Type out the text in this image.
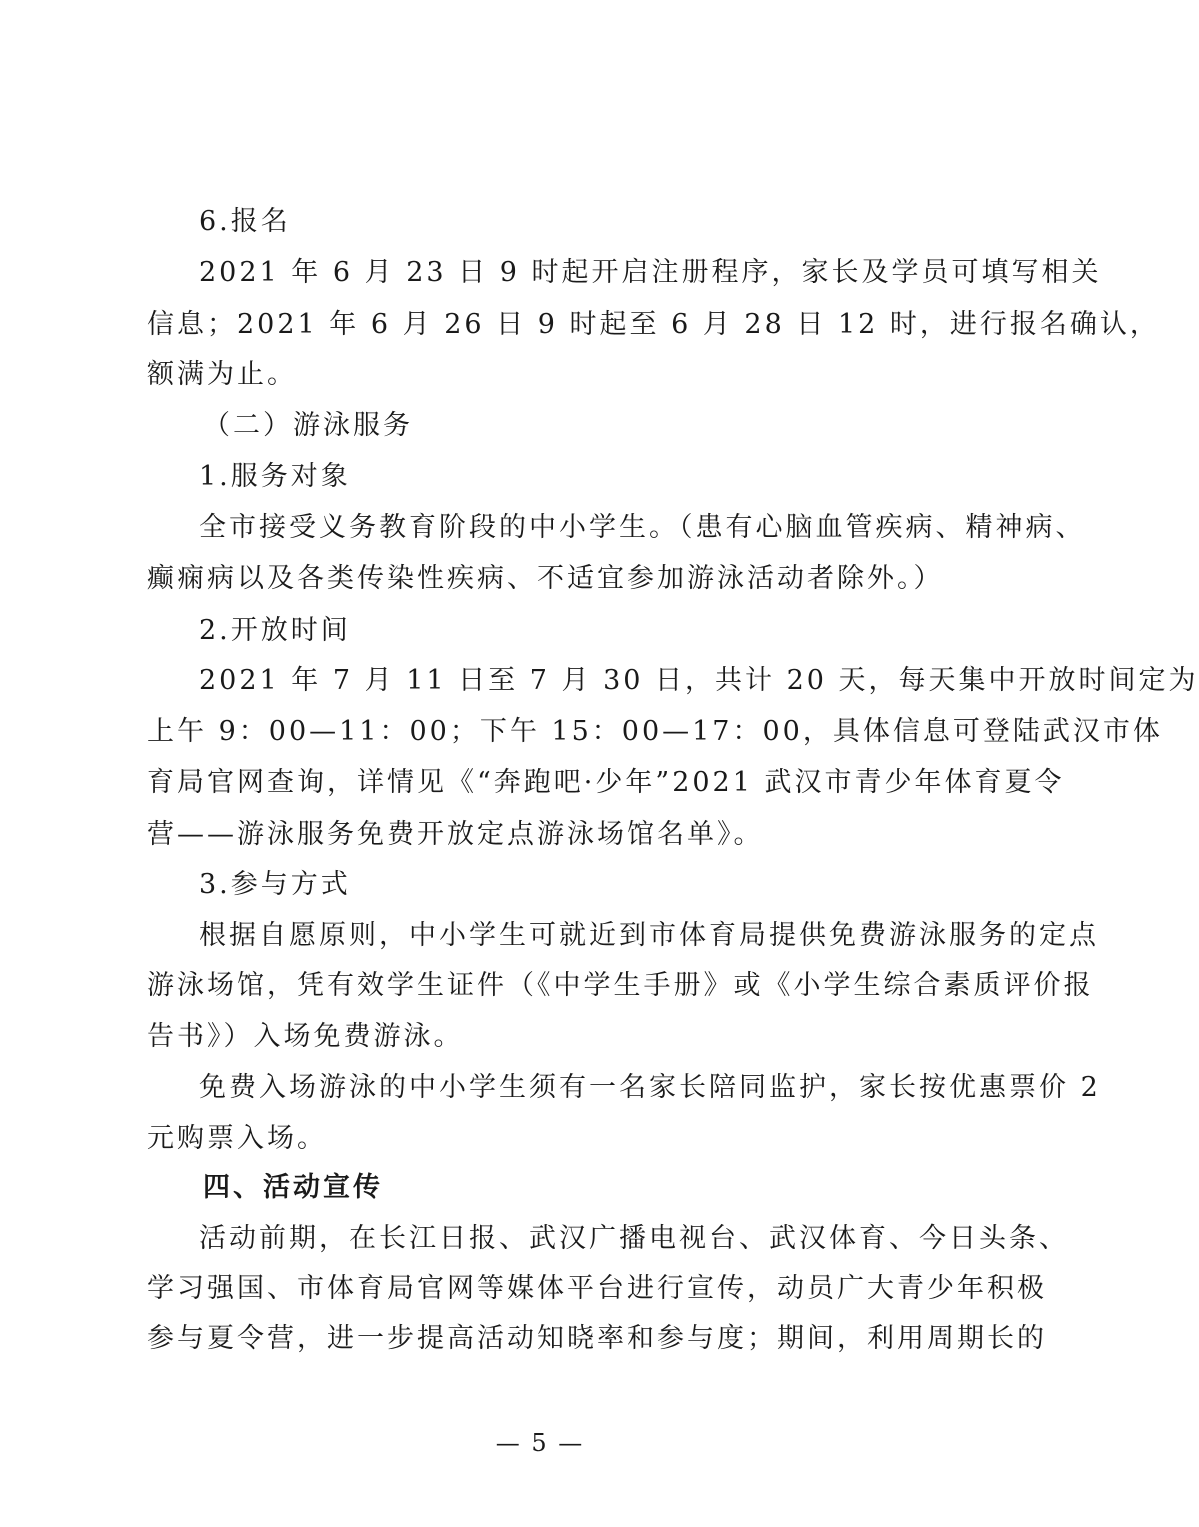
6.报名
2021 年 6 月 23 日 9 时起开启注册程序，家长及学员可填写相关
信息；2021 年 6 月 26 日 9 时起至 6 月 28 日 12 时，进行报名确认，
额满为止。
（二）游泳服务
1.服务对象
全市接受义务教育阶段的中小学生。（患有心脑血管疾病、精神病、
癫痫病以及各类传染性疾病、不适宜参加游泳活动者除外。）
2.开放时间
2021 年 7 月 11 日至 7 月 30 日，共计 20 天，每天集中开放时间定为
上午 9：00—11：00；下午 15：00—17：00，具体信息可登陆武汉市体
育局官网查询，详情见《“奔跑吧·少年”2021 武汉市青少年体育夏令
营——游泳服务免费开放定点游泳场馆名单》。
3.参与方式
根据自愿原则，中小学生可就近到市体育局提供免费游泳服务的定点
游泳场馆，凭有效学生证件（《中学生手册》或《小学生综合素质评价报
告书》）入场免费游泳。
免费入场游泳的中小学生须有一名家长陪同监护，家长按优惠票价 2
元购票入场。
四、活动宣传
活动前期，在长江日报、武汉广播电视台、武汉体育、今日头条、
学习强国、市体育局官网等媒体平台进行宣传，动员广大青少年积极
参与夏令营，进一步提高活动知晓率和参与度；期间，利用周期长的
— 5 —
